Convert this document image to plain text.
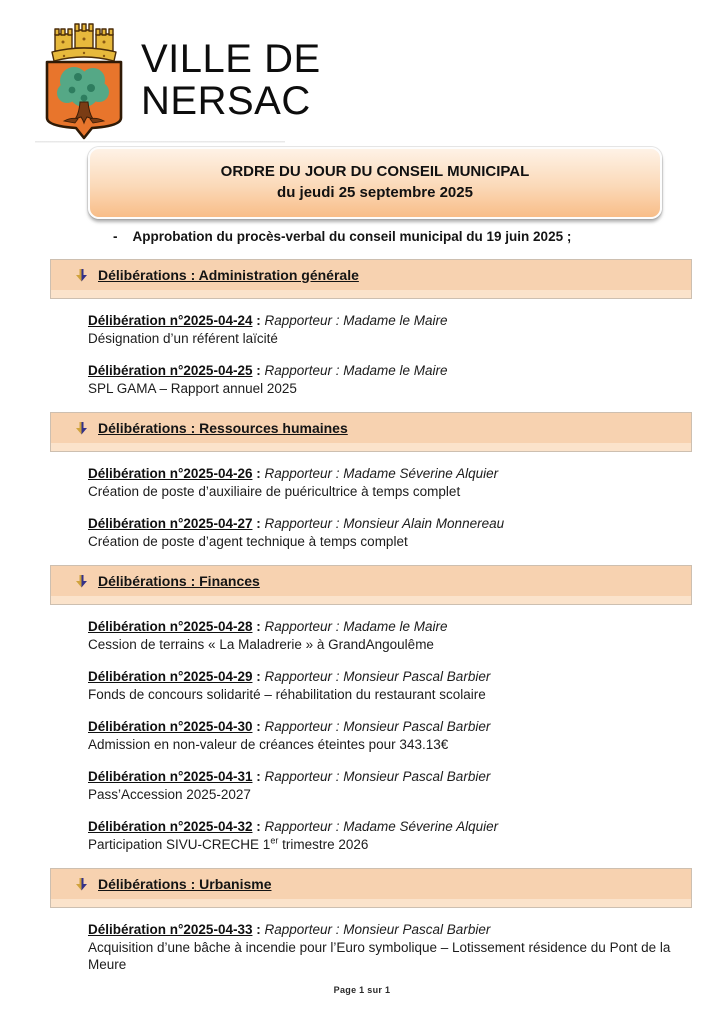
VILLE DE
NERSAC
ORDRE DU JOUR DU CONSEIL MUNICIPAL
du jeudi 25 septembre 2025
- Approbation du procès-verbal du conseil municipal du 19 juin 2025 ;
Délibérations : Administration générale
Délibération n°2025-04-24 : Rapporteur : Madame le Maire
Désignation d’un référent laïcité
Délibération n°2025-04-25 : Rapporteur : Madame le Maire
SPL GAMA – Rapport annuel 2025
Délibérations : Ressources humaines
Délibération n°2025-04-26 : Rapporteur : Madame Séverine Alquier
Création de poste d’auxiliaire de puéricultrice à temps complet
Délibération n°2025-04-27 : Rapporteur : Monsieur Alain Monnereau
Création de poste d’agent technique à temps complet
Délibérations : Finances
Délibération n°2025-04-28 : Rapporteur : Madame le Maire
Cession de terrains « La Maladrerie » à GrandAngoulême
Délibération n°2025-04-29 : Rapporteur : Monsieur Pascal Barbier
Fonds de concours solidarité – réhabilitation du restaurant scolaire
Délibération n°2025-04-30 : Rapporteur : Monsieur Pascal Barbier
Admission en non-valeur de créances éteintes pour 343.13€
Délibération n°2025-04-31 : Rapporteur : Monsieur Pascal Barbier
Pass’Accession 2025-2027
Délibération n°2025-04-32 : Rapporteur : Madame Séverine Alquier
Participation SIVU-CRECHE 1er trimestre 2026
Délibérations : Urbanisme
Délibération n°2025-04-33 : Rapporteur : Monsieur Pascal Barbier
Acquisition d’une bâche à incendie pour l’Euro symbolique – Lotissement résidence du Pont de la Meure
Page 1 sur 1
